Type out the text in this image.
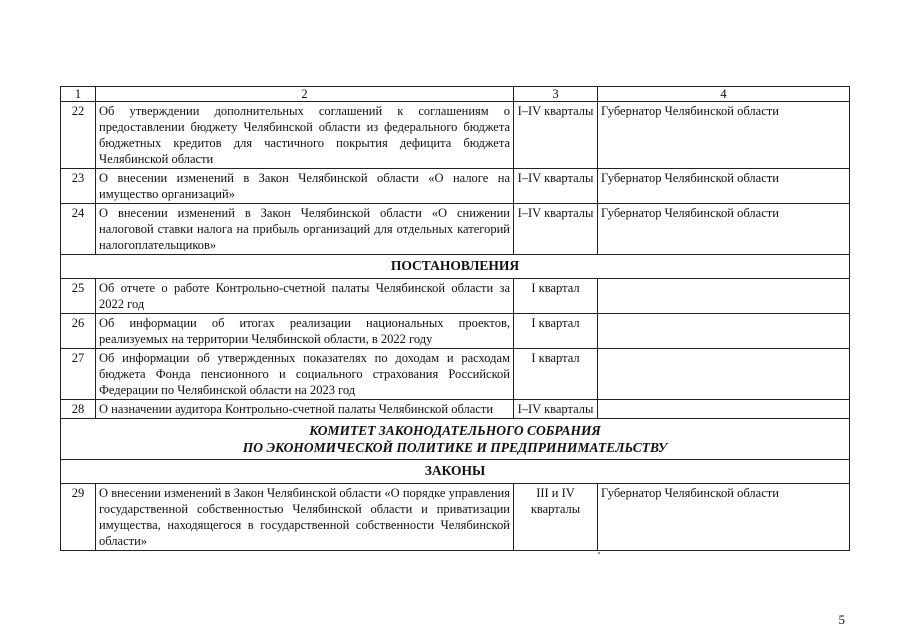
1	2	3	4
22	Об утверждении дополнительных соглашений к соглашениям о предоставлении бюджету Челябинской области из федерального бюджета бюджетных кредитов для частичного покрытия дефицита бюджета Челябинской области	I–IV кварталы	Губернатор Челябинской области
23	О внесении изменений в Закон Челябинской области «О налоге на имущество организаций»	I–IV кварталы	Губернатор Челябинской области
24	О внесении изменений в Закон Челябинской области «О снижении налоговой ставки налога на прибыль организаций для отдельных категорий налогоплательщиков»	I–IV кварталы	Губернатор Челябинской области
ПОСТАНОВЛЕНИЯ			
25	Об отчете о работе Контрольно-счетной палаты Челябинской области за 2022 год	I квартал	
26	Об информации об итогах реализации национальных проектов, реализуемых на территории Челябинской области, в 2022 году	I квартал	
27	Об информации об утвержденных показателях по доходам и расходам бюджета Фонда пенсионного и социального страхования Российской Федерации по Челябинской области на 2023 год	I квартал	
28	О назначении аудитора Контрольно-счетной палаты Челябинской области	I–IV кварталы	

КОМИТЕТ ЗАКОНОДАТЕЛЬНОГО СОБРАНИЯ
ПО ЭКОНОМИЧЕСКОЙ ПОЛИТИКЕ И ПРЕДПРИНИМАТЕЛЬСТВУ			

ЗАКОНЫ			
29	О внесении изменений в Закон Челябинской области «О порядке управления государственной собственностью Челябинской области и приватизации имущества, находящегося в государственной собственности Челябинской области»	III и IV кварталы	Губернатор Челябинской области
5
